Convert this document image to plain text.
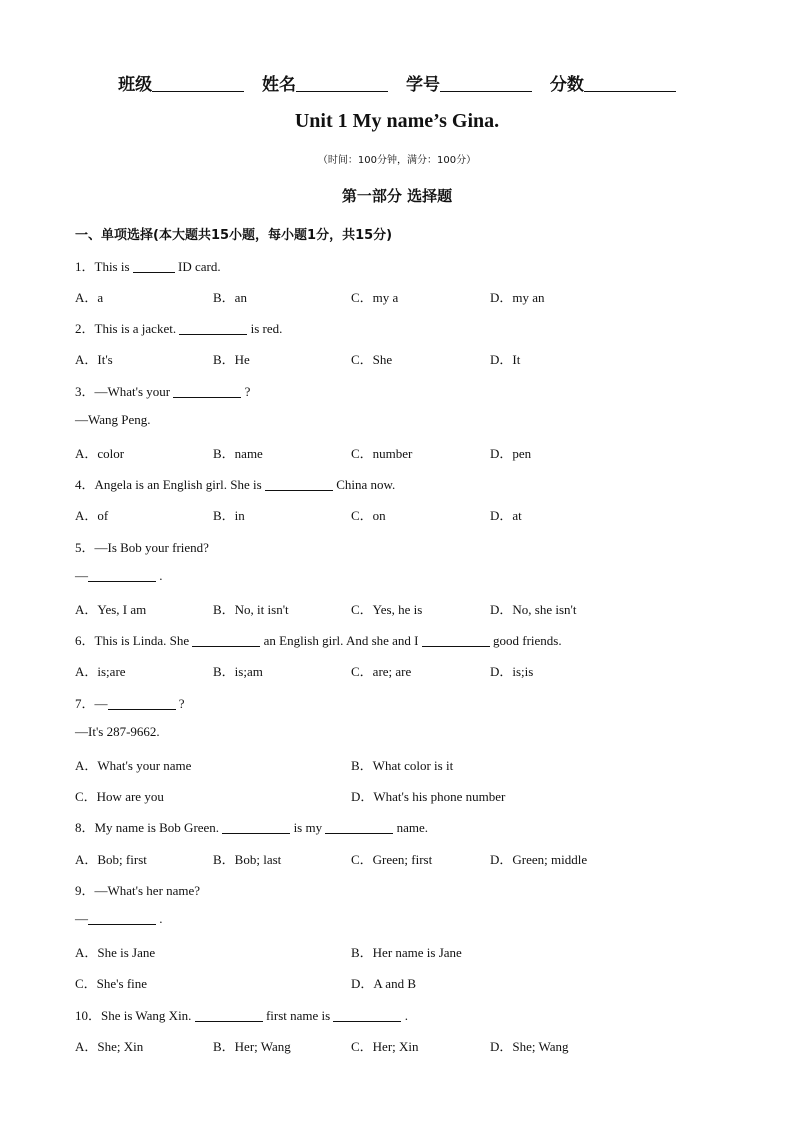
班级	姓名	学号	分数
Unit 1 My name’s Gina.
（时间：100分钟，满分：100分）
第一部分 选择题
一、单项选择(本大题共15小题，每小题1分，共15分)
1．This is	ID card.
A．a	B．an	C．my a	D．my an
2．This is a jacket.	is red.
A．It's	B．He	C．She	D．It
3．—What's your	?
—Wang Peng.
A．color	B．name	C．number	D．pen
4．Angela is an English girl. She is	China now.
A．of	B．in	C．on	D．at
5．—Is Bob your friend?
—	.
A．Yes, I am	B．No, it isn't	C．Yes, he is	D．No, she isn't
6．This is Linda. She	an English girl. And she and I	good friends.
A．is;are	B．is;am	C．are; are	D．is;is
7．—	?
—It's 287-9662.
A．What's your name	B．What color is it
C．How are you	D．What's his phone number
8．My name is Bob Green.	is my	name.
A．Bob; first	B．Bob; last	C．Green; first	D．Green; middle
9．—What's her name?
—	.
A．She is Jane	B．Her name is Jane
C．She's fine	D．A and B
10．She is Wang Xin.	first name is	.
A．She; Xin	B．Her; Wang	C．Her; Xin	D．She; Wang
